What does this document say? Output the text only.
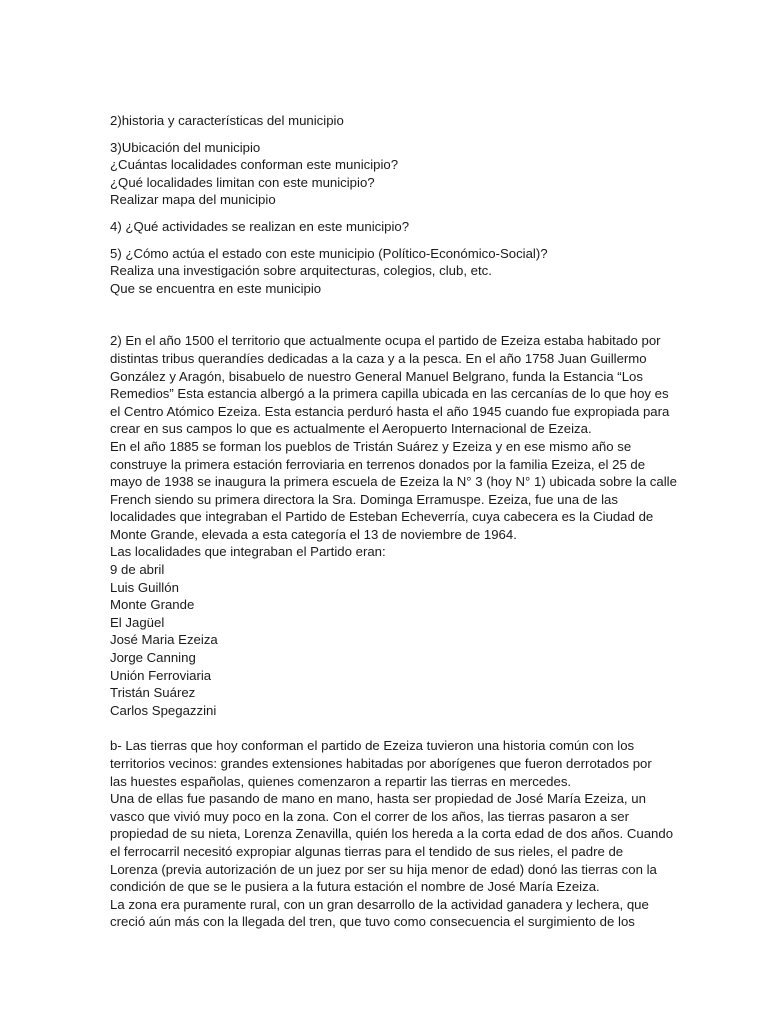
2)historia y características del municipio
3)Ubicación del municipio
¿Cuántas localidades conforman este municipio?
¿Qué localidades limitan con este municipio?
Realizar mapa del municipio
4) ¿Qué actividades se realizan en este municipio?
5) ¿Cómo actúa el estado con este municipio (Político-Económico-Social)?
Realiza una investigación sobre arquitecturas, colegios, club, etc.
Que se encuentra en este municipio
2) En el año 1500 el territorio que actualmente ocupa el partido de Ezeiza estaba habitado por
distintas tribus querandíes dedicadas a la caza y a la pesca. En el año 1758 Juan Guillermo
González y Aragón, bisabuelo de nuestro General Manuel Belgrano, funda la Estancia “Los
Remedios” Esta estancia albergó a la primera capilla ubicada en las cercanías de lo que hoy es
el Centro Atómico Ezeiza. Esta estancia perduró hasta el año 1945 cuando fue expropiada para
crear en sus campos lo que es actualmente el Aeropuerto Internacional de Ezeiza.
En el año 1885 se forman los pueblos de Tristán Suárez y Ezeiza y en ese mismo año se
construye la primera estación ferroviaria en terrenos donados por la familia Ezeiza, el 25 de
mayo de 1938 se inaugura la primera escuela de Ezeiza la N° 3 (hoy N° 1) ubicada sobre la calle
French siendo su primera directora la Sra. Dominga Erramuspe. Ezeiza, fue una de las
localidades que integraban el Partido de Esteban Echeverría, cuya cabecera es la Ciudad de
Monte Grande, elevada a esta categoría el 13 de noviembre de 1964.
Las localidades que integraban el Partido eran:
9 de abril
Luis Guillón
Monte Grande
El Jagüel
José Maria Ezeiza
Jorge Canning
Unión Ferroviaria
Tristán Suárez
Carlos Spegazzini
b- Las tierras que hoy conforman el partido de Ezeiza tuvieron una historia común con los
territorios vecinos: grandes extensiones habitadas por aborígenes que fueron derrotados por
las huestes españolas, quienes comenzaron a repartir las tierras en mercedes.
Una de ellas fue pasando de mano en mano, hasta ser propiedad de José María Ezeiza, un
vasco que vivió muy poco en la zona. Con el correr de los años, las tierras pasaron a ser
propiedad de su nieta, Lorenza Zenavilla, quién los hereda a la corta edad de dos años. Cuando
el ferrocarril necesitó expropiar algunas tierras para el tendido de sus rieles, el padre de
Lorenza (previa autorización de un juez por ser su hija menor de edad) donó las tierras con la
condición de que se le pusiera a la futura estación el nombre de José María Ezeiza.
La zona era puramente rural, con un gran desarrollo de la actividad ganadera y lechera, que
creció aún más con la llegada del tren, que tuvo como consecuencia el surgimiento de los
